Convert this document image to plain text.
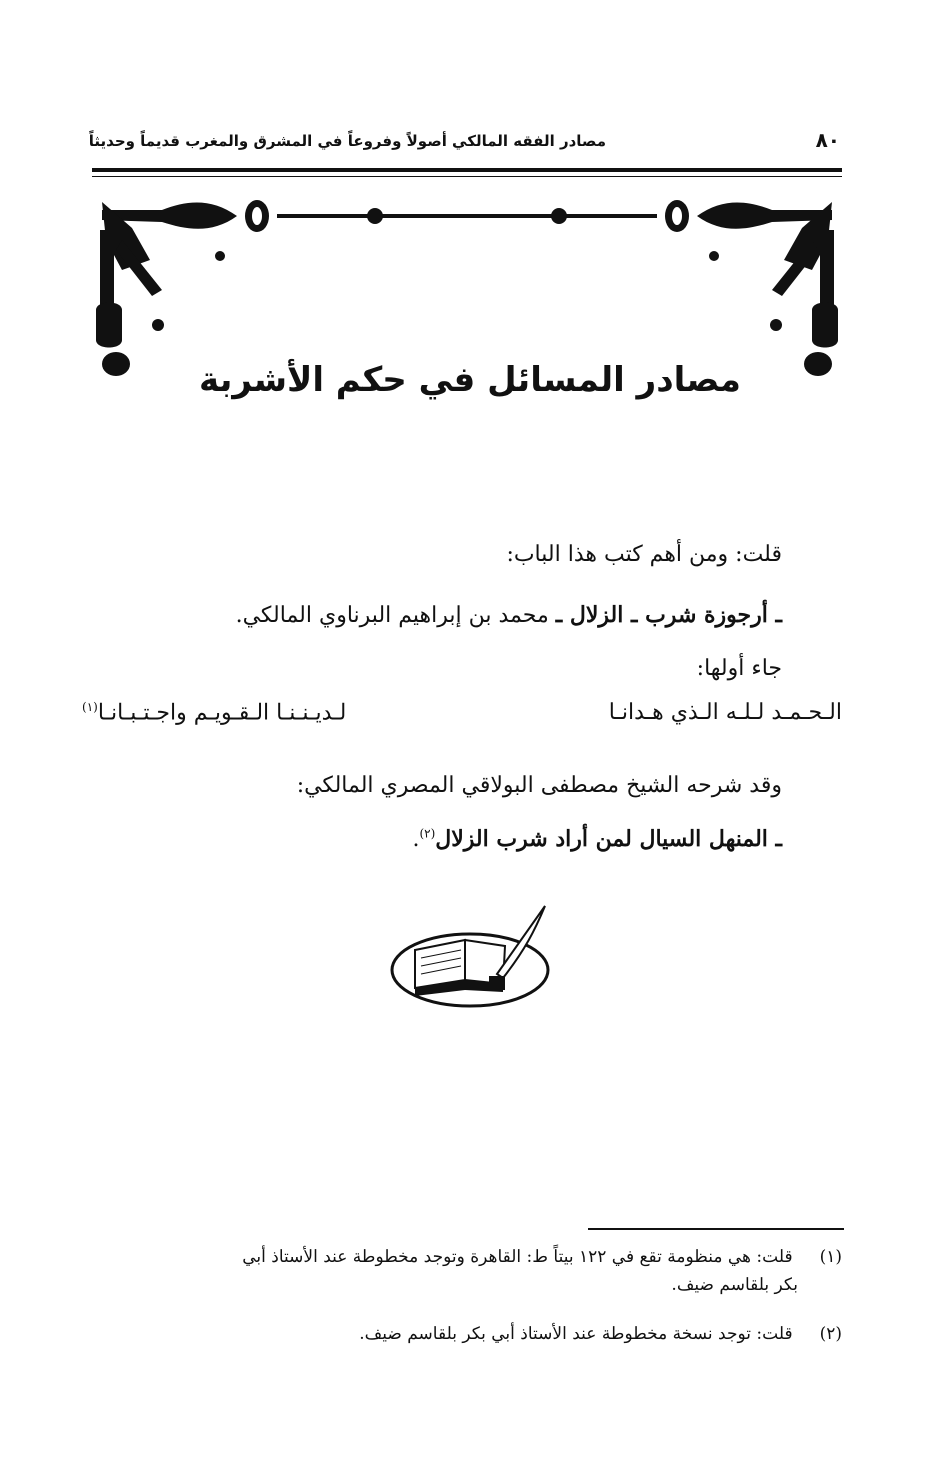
مصادر الفقه المالكي أصولاً وفروعاً في المشرق والمغرب قديماً وحديثاً	٨٠
مصادر المسائل في حكم الأشربة
قلت: ومن أهم كتب هذا الباب:
ـ أرجوزة شرب ـ الزلال ـ محمد بن إبراهيم البرناوي المالكي.
جاء أولها:
الـحـمـد لـلـه الـذي هـدانـا
لـديـنـنـا الـقـويـم واجـتـبـانـا$^{(١)}$
وقد شرحه الشيخ مصطفى البولاقي المصري المالكي:
ـ المنهل السيال لمن أراد شرب الزلال$^{(٢)}$.
(١) قلت: هي منظومة تقع في ١٢٢ بيتاً ط: القاهرة وتوجد مخطوطة عند الأستاذ أبي
بكر بلقاسم ضيف.
(٢) قلت: توجد نسخة مخطوطة عند الأستاذ أبي بكر بلقاسم ضيف.
